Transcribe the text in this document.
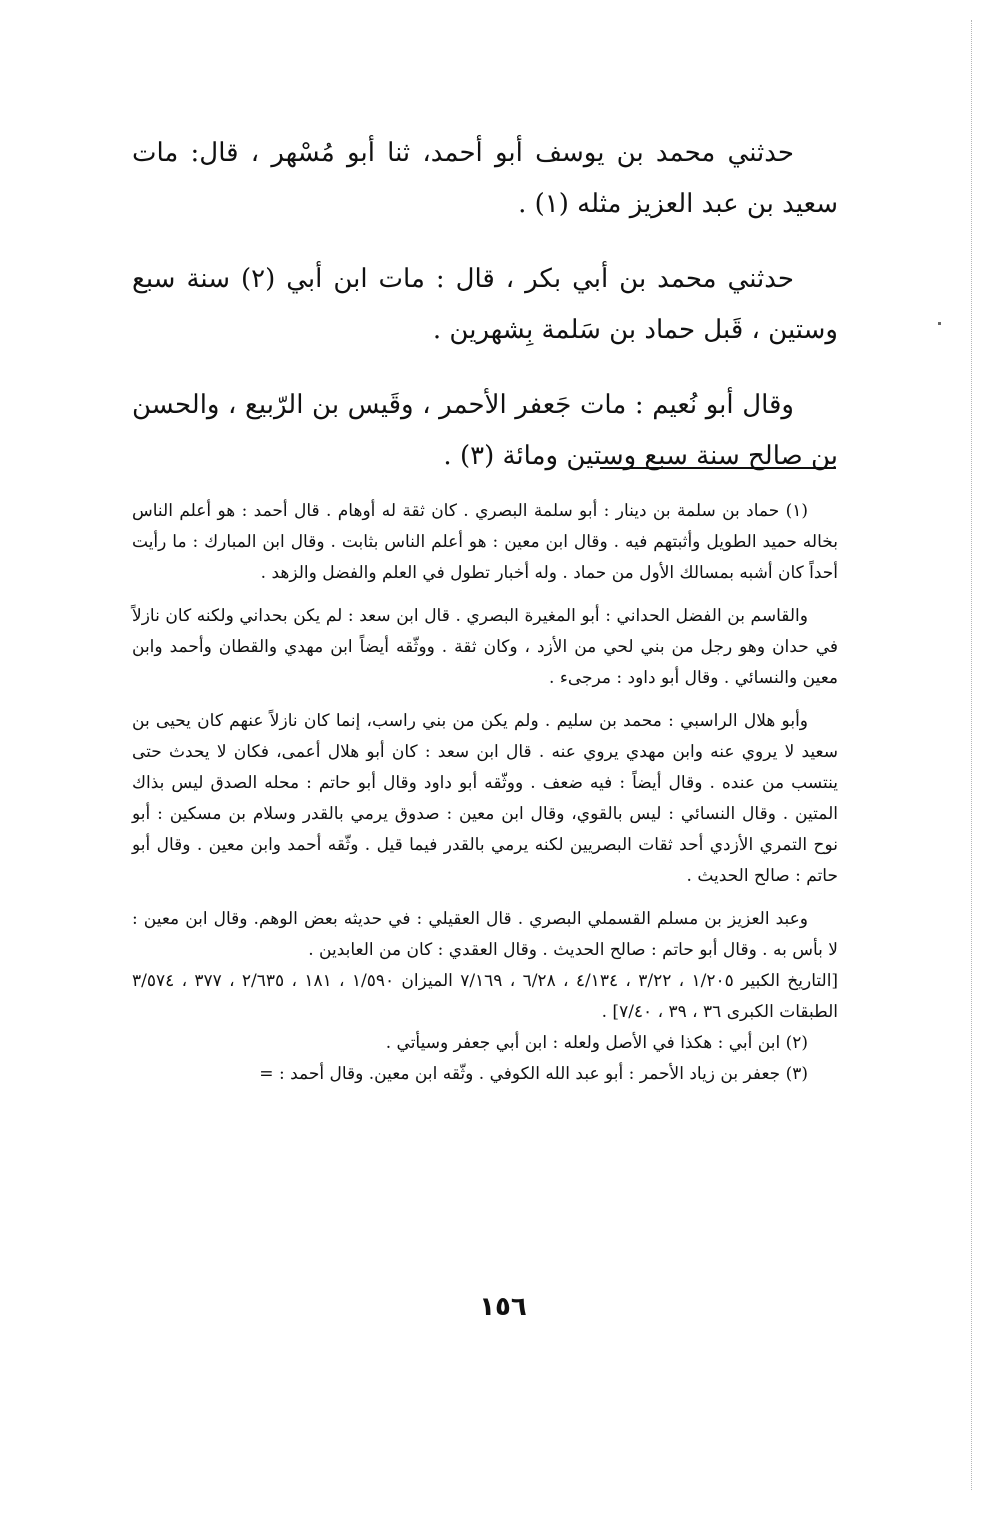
حدثني محمد بن يوسف أبو أحمد، ثنا أبو مُسْهر ، قال: مات سعيد بن عبد العزيز مثله (١) .

حدثني محمد بن أبي بكر ، قال : مات ابن أبي (٢) سنة سبع وستين ، قَبل حماد بن سَلمة بِشهرين .

وقال أبو نُعيم : مات جَعفر الأحمر ، وقَيس بن الرّبيع ، والحسن بن صالح سنة سبع وستين ومائة (٣) .

(١) حماد بن سلمة بن دينار : أبو سلمة البصري . كان ثقة له أوهام . قال أحمد : هو أعلم الناس بخاله حميد الطويل وأثبتهم فيه . وقال ابن معين : هو أعلم الناس بثابت . وقال ابن المبارك : ما رأيت أحداً كان أشبه بمسالك الأول من حماد . وله أخبار تطول في العلم والفضل والزهد .

والقاسم بن الفضل الحداني : أبو المغيرة البصري . قال ابن سعد : لم يكن بحداني ولكنه كان نازلاً في حدان وهو رجل من بني لحي من الأزد ، وكان ثقة . ووثّقه أيضاً ابن مهدي والقطان وأحمد وابن معين والنسائي . وقال أبو داود : مرجىء .

وأبو هلال الراسبي : محمد بن سليم . ولم يكن من بني راسب، إنما كان نازلاً عنهم كان يحيى بن سعيد لا يروي عنه وابن مهدي يروي عنه . قال ابن سعد : كان أبو هلال أعمى، فكان لا يحدث حتى ينتسب من عنده . وقال أيضاً : فيه ضعف . ووثّقه أبو داود وقال أبو حاتم : محله الصدق ليس بذاك المتين . وقال النسائي : ليس بالقوي، وقال ابن معين : صدوق يرمي بالقدر وسلام بن مسكين : أبو نوح التمري الأزدي أحد ثقات البصريين لكنه يرمي بالقدر فيما قيل . وثّقه أحمد وابن معين . وقال أبو حاتم : صالح الحديث .

وعبد العزيز بن مسلم القسملي البصري . قال العقيلي : في حديثه بعض الوهم. وقال ابن معين : لا بأس به . وقال أبو حاتم : صالح الحديث . وقال العقدي : كان من العابدين .

[التاريخ الكبير ١/٢٠٥ ، ٣/٢٢ ، ٤/١٣٤ ، ٦/٢٨ ، ٧/١٦٩ الميزان ١/٥٩٠ ، ١٨١ ، ٢/٦٣٥ ، ٣٧٧ ، ٣/٥٧٤ الطبقات الكبرى ٣٦ ، ٣٩ ، ٧/٤٠] .

(٢) ابن أبي : هكذا في الأصل ولعله : ابن أبي جعفر وسيأتي .

(٣) جعفر بن زياد الأحمر : أبو عبد الله الكوفي . وثّقه ابن معين. وقال أحمد : =

١٥٦
